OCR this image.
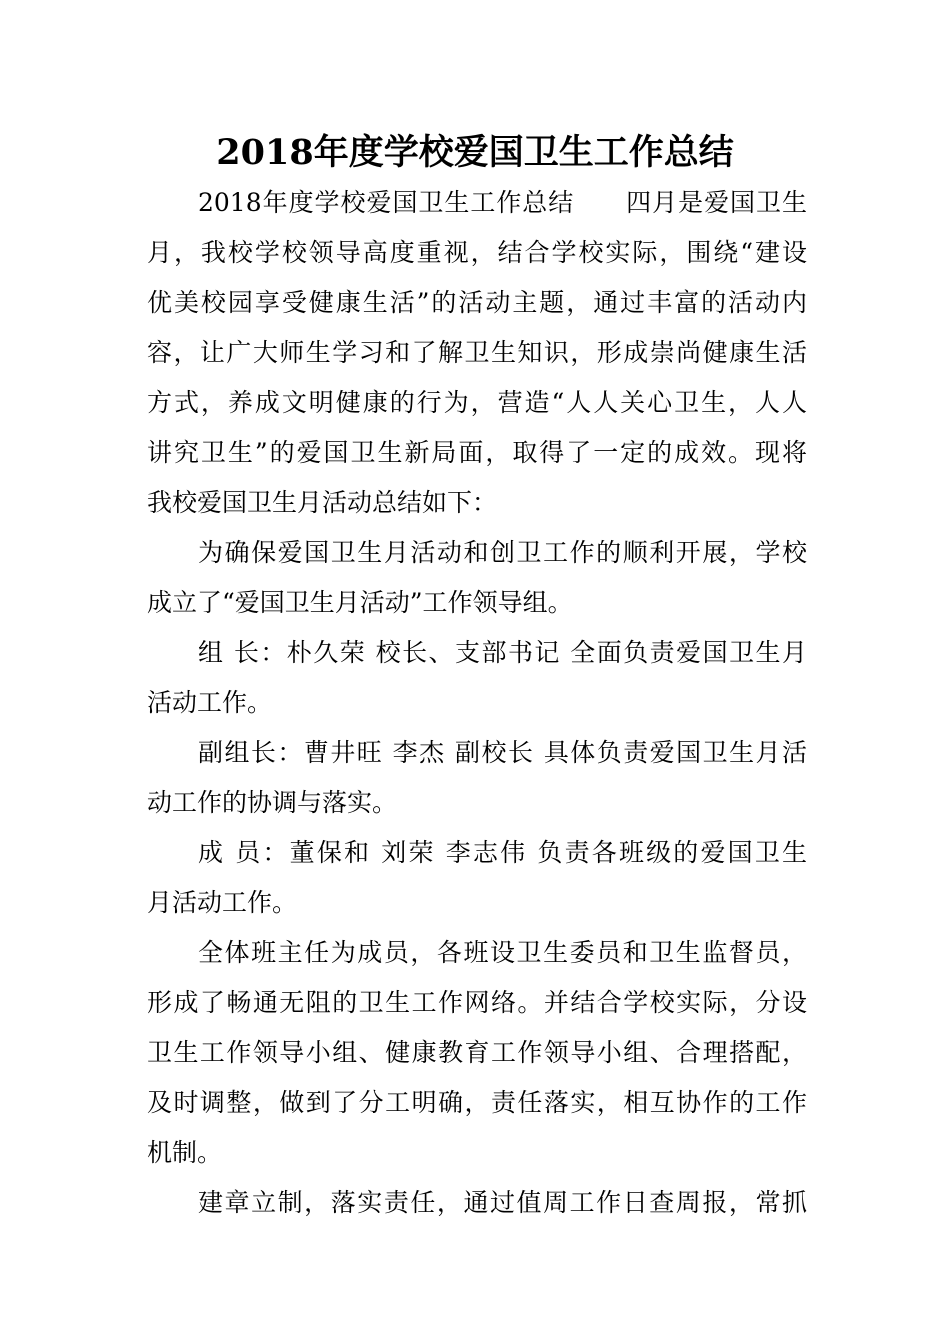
2018年度学校爱国卫生工作总结
2018年度学校爱国卫生工作总结　　四月是爱国卫生
月，我校学校领导高度重视，结合学校实际，围绕“建设
优美校园享受健康生活”的活动主题，通过丰富的活动内
容，让广大师生学习和了解卫生知识，形成崇尚健康生活
方式，养成文明健康的行为，营造“人人关心卫生，人人
讲究卫生”的爱国卫生新局面，取得了一定的成效。现将
我校爱国卫生月活动总结如下：
为确保爱国卫生月活动和创卫工作的顺利开展，学校
成立了“爱国卫生月活动”工作领导组。
组 长：朴久荣 校长、支部书记 全面负责爱国卫生月
活动工作。
副组长：曹井旺 李杰 副校长 具体负责爱国卫生月活
动工作的协调与落实。
成 员：董保和 刘荣 李志伟 负责各班级的爱国卫生
月活动工作。
全体班主任为成员，各班设卫生委员和卫生监督员，
形成了畅通无阻的卫生工作网络。并结合学校实际，分设
卫生工作领导小组、健康教育工作领导小组、合理搭配，
及时调整，做到了分工明确，责任落实，相互协作的工作
机制。
建章立制，落实责任，通过值周工作日查周报，常抓
